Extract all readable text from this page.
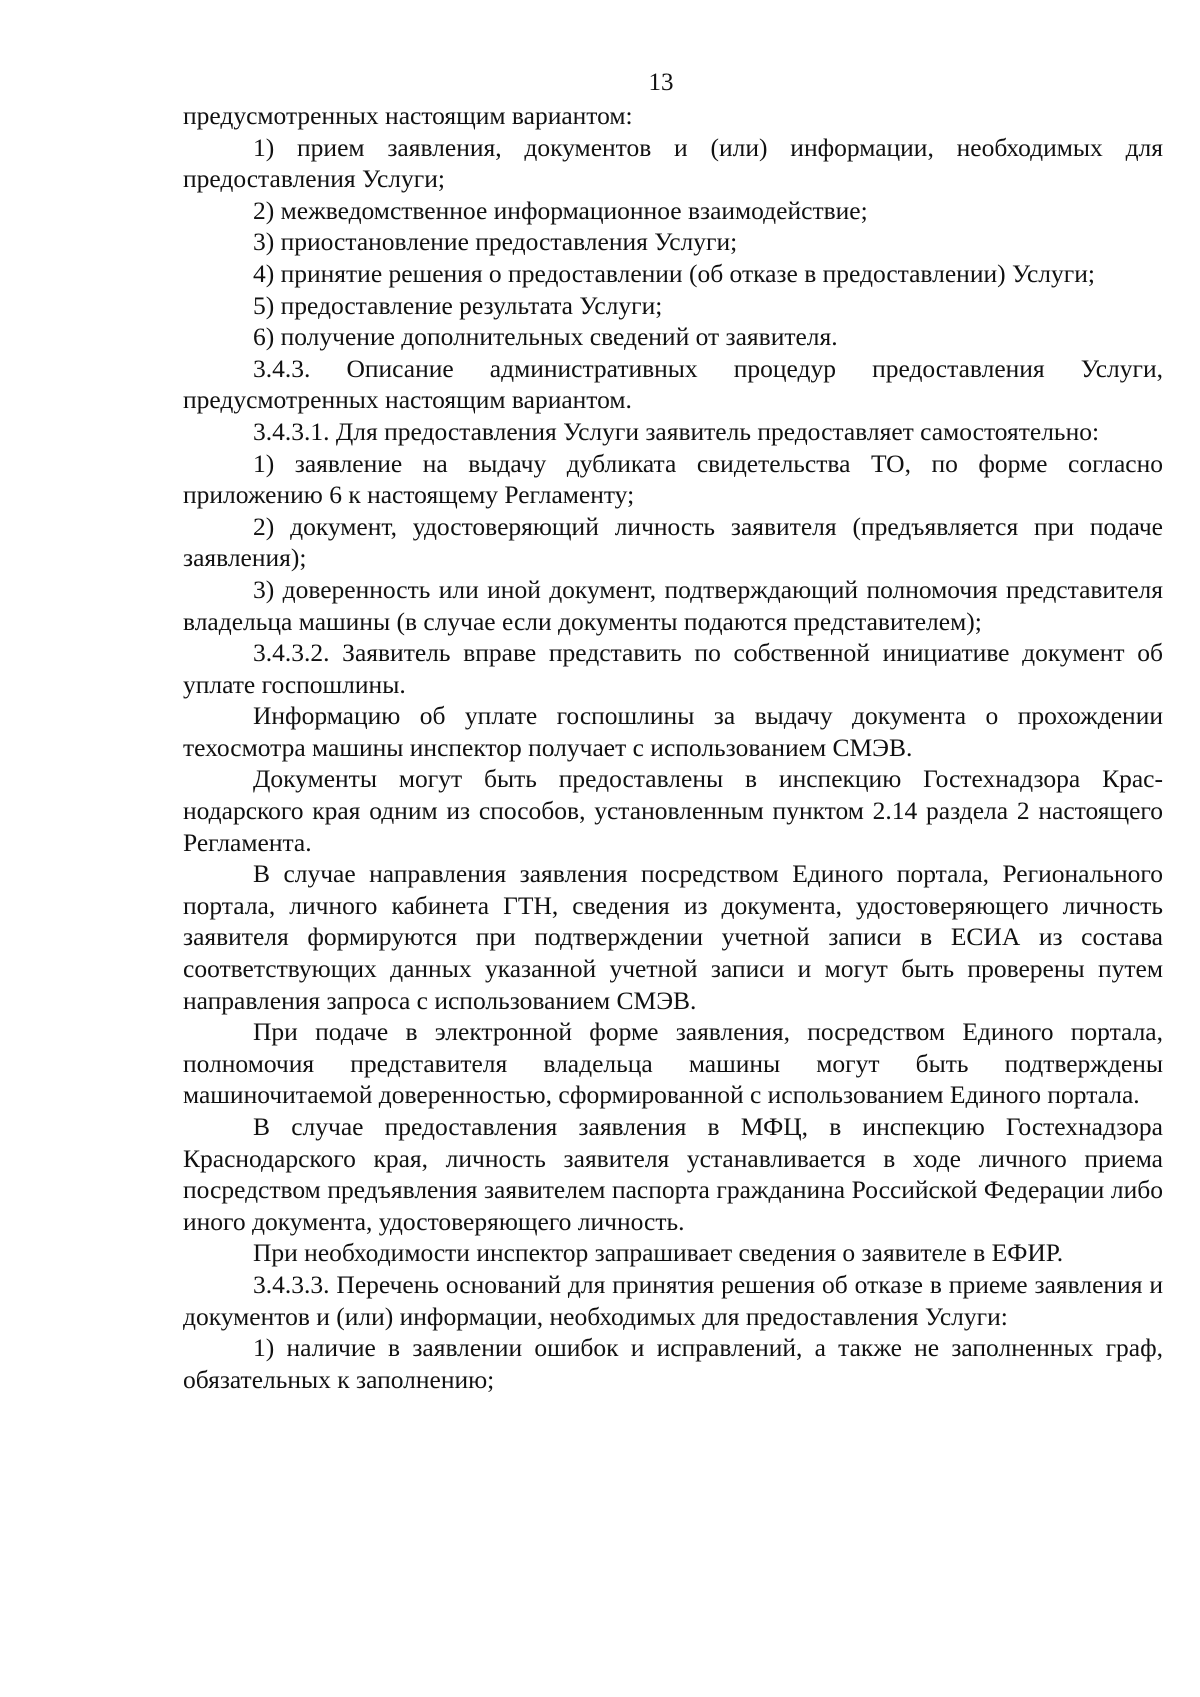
13

предусмотренных настоящим вариантом:

1) прием заявления, документов и (или) информации, необходимых для предоставления Услуги;

2) межведомственное информационное взаимодействие;

3) приостановление предоставления Услуги;

4) принятие решения о предоставлении (об отказе в предоставлении) Услуги;

5) предоставление результата Услуги;

6) получение дополнительных сведений от заявителя.

3.4.3. Описание административных процедур предоставления Услуги, предусмотренных настоящим вариантом.

3.4.3.1. Для предоставления Услуги заявитель предоставляет самостоятельно:

1) заявление на выдачу дубликата свидетельства ТО, по форме согласно приложению 6 к настоящему Регламенту;

2) документ, удостоверяющий личность заявителя (предъявляется при подаче заявления);

3) доверенность или иной документ, подтверждающий полномочия представителя владельца машины (в случае если документы подаются представителем);

3.4.3.2. Заявитель вправе представить по собственной инициативе документ об уплате госпошлины.

Информацию об уплате госпошлины за выдачу документа о прохождении техосмотра машины инспектор получает с использованием СМЭВ.

Документы могут быть предоставлены в инспекцию Гостехнадзора Краснодарского края одним из способов, установленным пунктом 2.14 раздела 2 настоящего Регламента.

В случае направления заявления посредством Единого портала, Регионального портала, личного кабинета ГТН, сведения из документа, удостоверяющего личность заявителя формируются при подтверждении учетной записи в ЕСИА из состава соответствующих данных указанной учетной записи и могут быть проверены путем направления запроса с использованием СМЭВ.

При подаче в электронной форме заявления, посредством Единого портала, полномочия представителя владельца машины могут быть подтверждены машиночитаемой доверенностью, сформированной с использованием Единого портала.

В случае предоставления заявления в МФЦ, в инспекцию Гостехнадзора Краснодарского края, личность заявителя устанавливается в ходе личного приема посредством предъявления заявителем паспорта гражданина Российской Федерации либо иного документа, удостоверяющего личность.

При необходимости инспектор запрашивает сведения о заявителе в ЕФИР.

3.4.3.3. Перечень оснований для принятия решения об отказе в приеме заявления и документов и (или) информации, необходимых для предоставления Услуги:

1) наличие в заявлении ошибок и исправлений, а также не заполненных граф, обязательных к заполнению;
